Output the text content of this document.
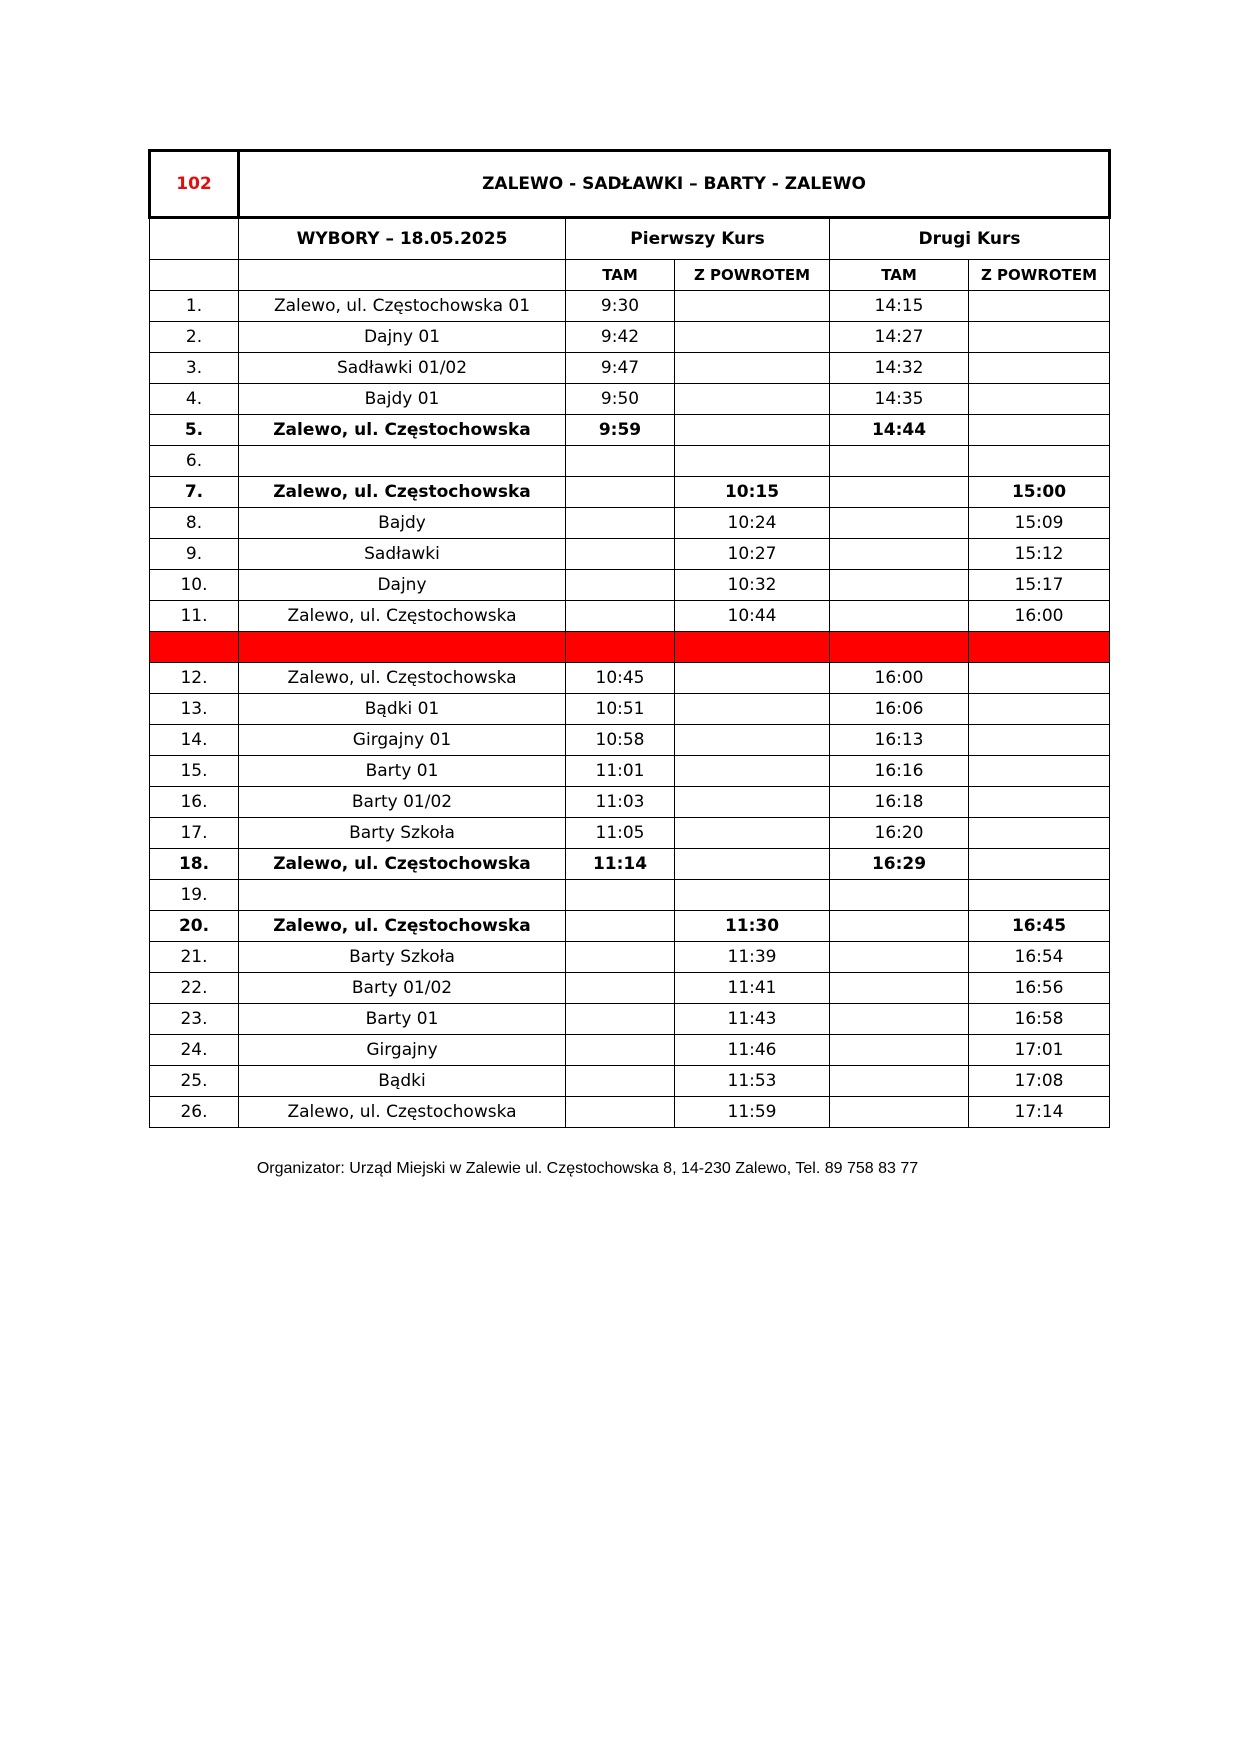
102	ZALEWO - SADŁAWKI – BARTY - ZALEWO				
	WYBORY – 18.05.2025	Pierwszy Kurs		Drugi Kurs	
		TAM	Z POWROTEM	TAM	Z POWROTEM
1.	Zalewo, ul. Częstochowska 01	9:30		14:15	
2.	Dajny 01	9:42		14:27	
3.	Sadławki 01/02	9:47		14:32	
4.	Bajdy 01	9:50		14:35	
5.	Zalewo, ul. Częstochowska	9:59		14:44	
6.					
7.	Zalewo, ul. Częstochowska		10:15		15:00
8.	Bajdy		10:24		15:09
9.	Sadławki		10:27		15:12
10.	Dajny		10:32		15:17
11.	Zalewo, ul. Częstochowska		10:44		16:00

12.	Zalewo, ul. Częstochowska	10:45		16:00	
13.	Bądki 01	10:51		16:06	
14.	Girgajny 01	10:58		16:13	
15.	Barty 01	11:01		16:16	
16.	Barty 01/02	11:03		16:18	
17.	Barty Szkoła	11:05		16:20	
18.	Zalewo, ul. Częstochowska	11:14		16:29	
19.					
20.	Zalewo, ul. Częstochowska		11:30		16:45
21.	Barty Szkoła		11:39		16:54
22.	Barty 01/02		11:41		16:56
23.	Barty 01		11:43		16:58
24.	Girgajny		11:46		17:01
25.	Bądki		11:53		17:08
26.	Zalewo, ul. Częstochowska		11:59		17:14
Organizator: Urząd Miejski w Zalewie ul. Częstochowska 8, 14-230 Zalewo, Tel. 89 758 83 77
